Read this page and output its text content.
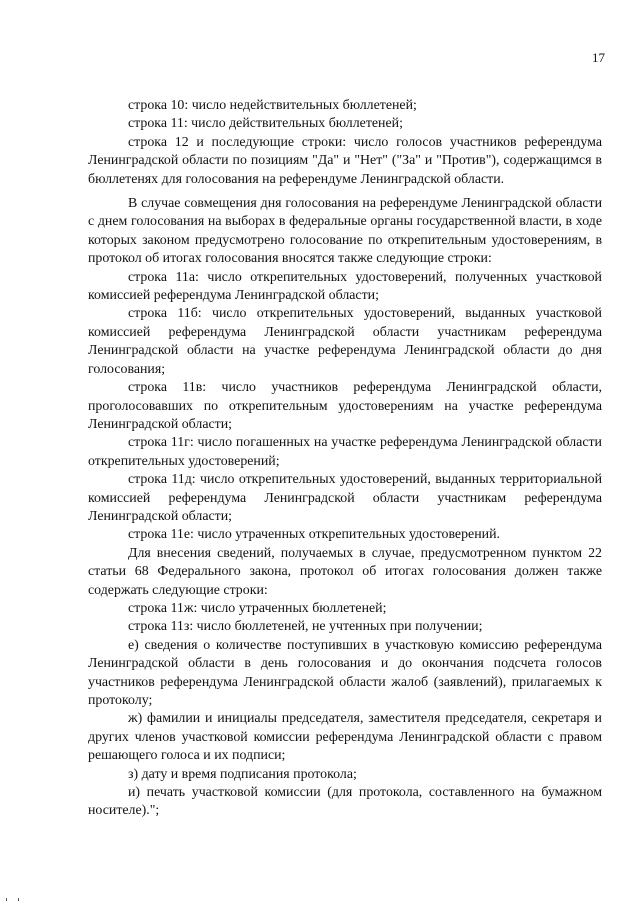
17

строка 10: число недействительных бюллетеней;

строка 11: число действительных бюллетеней;

строка 12 и последующие строки: число голосов участников референдума Ленинградской области по позициям "Да" и "Нет" ("За" и "Против"), содержащимся в бюллетенях для голосования на референдуме Ленинградской области.

В случае совмещения дня голосования на референдуме Ленинградской области с днем голосования на выборах в федеральные органы государственной власти, в ходе которых законом предусмотрено голосование по открепительным удостоверениям, в протокол об итогах голосования вносятся также следующие строки:

строка 11а: число открепительных удостоверений, полученных участковой комиссией референдума Ленинградской области;

строка 11б: число открепительных удостоверений, выданных участковой комиссией референдума Ленинградской области участникам референдума Ленинградской области на участке референдума Ленинградской области до дня голосования;

строка 11в: число участников референдума Ленинградской области, проголосовавших по открепительным удостоверениям на участке референдума Ленинградской области;

строка 11г: число погашенных на участке референдума Ленинградской области открепительных удостоверений;

строка 11д: число открепительных удостоверений, выданных территориальной комиссией референдума Ленинградской области участникам референдума Ленинградской области;

строка 11е: число утраченных открепительных удостоверений.

Для внесения сведений, получаемых в случае, предусмотренном пунктом 22 статьи 68 Федерального закона, протокол об итогах голосования должен также содержать следующие строки:

строка 11ж: число утраченных бюллетеней;

строка 11з: число бюллетеней, не учтенных при получении;

е) сведения о количестве поступивших в участковую комиссию референдума Ленинградской области в день голосования и до окончания подсчета голосов участников референдума Ленинградской области жалоб (заявлений), прилагаемых к протоколу;

ж) фамилии и инициалы председателя, заместителя председателя, секретаря и других членов участковой комиссии референдума Ленинградской области с правом решающего голоса и их подписи;

з) дату и время подписания протокола;

и) печать участковой комиссии (для протокола, составленного на бумажном носителе).";
